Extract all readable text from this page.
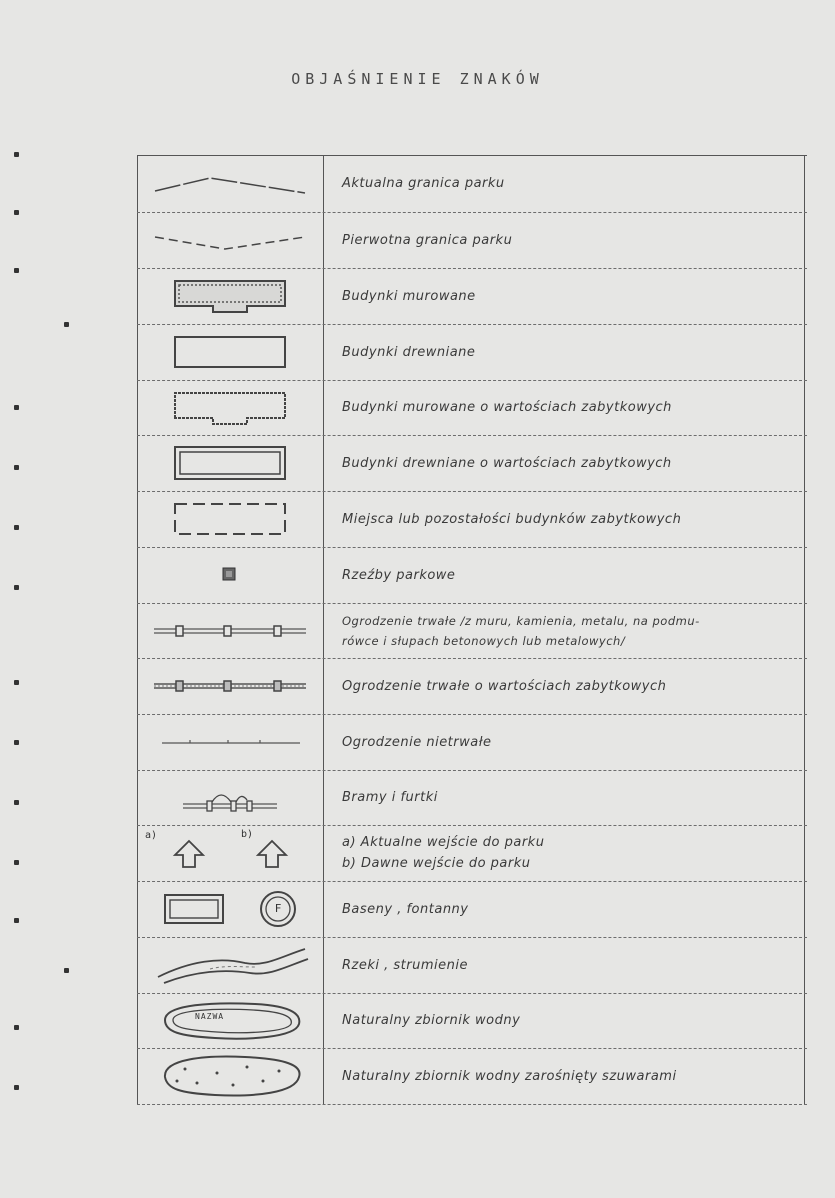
OBJAŚNIENIE ZNAKÓW
Aktualna granica parku
Pierwotna granica parku
Budynki murowane
Budynki drewniane
Budynki murowane o wartościach zabytkowych
Budynki drewniane o wartościach zabytkowych
Miejsca lub pozostałości budynków zabytkowych
Rzeźby parkowe
Ogrodzenie trwałe /z muru, kamienia, metalu, na podmu-
rówce i słupach betonowych lub metalowych/
Ogrodzenie trwałe o wartościach zabytkowych
Ogrodzenie nietrwałe
Bramy i furtki
a)	b)
a) Aktualne wejście do parku
b) Dawne wejście do parku
F	Baseny , fontanny
Rzeki , strumienie
NAZWA	Naturalny zbiornik wodny
Naturalny zbiornik wodny zarośnięty szuwarami
